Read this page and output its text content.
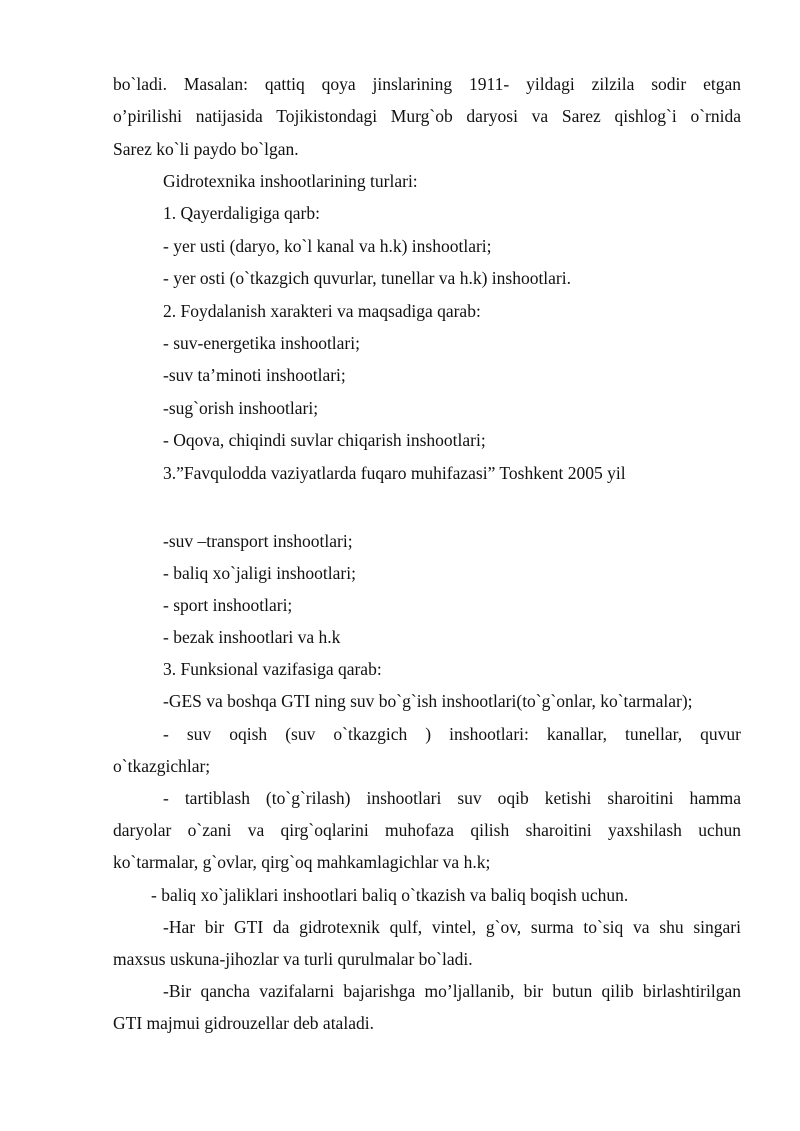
bo`ladi. Masalan: qattiq qoya jinslarining 1911- yildagi zilzila sodir etgan
o’pirilishi natijasida Tojikistondagi Murg`ob daryosi va Sarez qishlog`i o`rnida
Sarez ko`li paydo bo`lgan.
Gidrotexnika inshootlarining turlari:
1. Qayerdaligiga qarb:
- yer usti (daryo, ko`l kanal va h.k) inshootlari;
- yer osti (o`tkazgich quvurlar, tunellar va h.k) inshootlari.
2. Foydalanish xarakteri va maqsadiga qarab:
- suv-energetika inshootlari;
-suv ta’minoti inshootlari;
-sug`orish inshootlari;
- Oqova, chiqindi suvlar chiqarish inshootlari;
3.”Favqulodda vaziyatlarda fuqaro muhifazasi” Toshkent 2005 yil
-suv –transport inshootlari;
- baliq xo`jaligi inshootlari;
- sport inshootlari;
- bezak inshootlari va h.k
3. Funksional vazifasiga qarab:
-GES va boshqa GTI ning suv bo`g`ish inshootlari(to`g`onlar, ko`tarmalar);
- suv oqish (suv o`tkazgich ) inshootlari: kanallar, tunellar, quvur
o`tkazgichlar;
- tartiblash (to`g`rilash) inshootlari suv oqib ketishi sharoitini hamma
daryolar o`zani va qirg`oqlarini muhofaza qilish sharoitini yaxshilash uchun
ko`tarmalar, g`ovlar, qirg`oq mahkamlagichlar va h.k;
- baliq xo`jaliklari inshootlari baliq o`tkazish va baliq boqish uchun.
-Har bir GTI da gidrotexnik qulf, vintel, g`ov, surma to`siq va shu singari
maxsus uskuna-jihozlar va turli qurulmalar bo`ladi.
-Bir qancha vazifalarni bajarishga mo’ljallanib, bir butun qilib birlashtirilgan
GTI majmui gidrouzellar deb ataladi.
